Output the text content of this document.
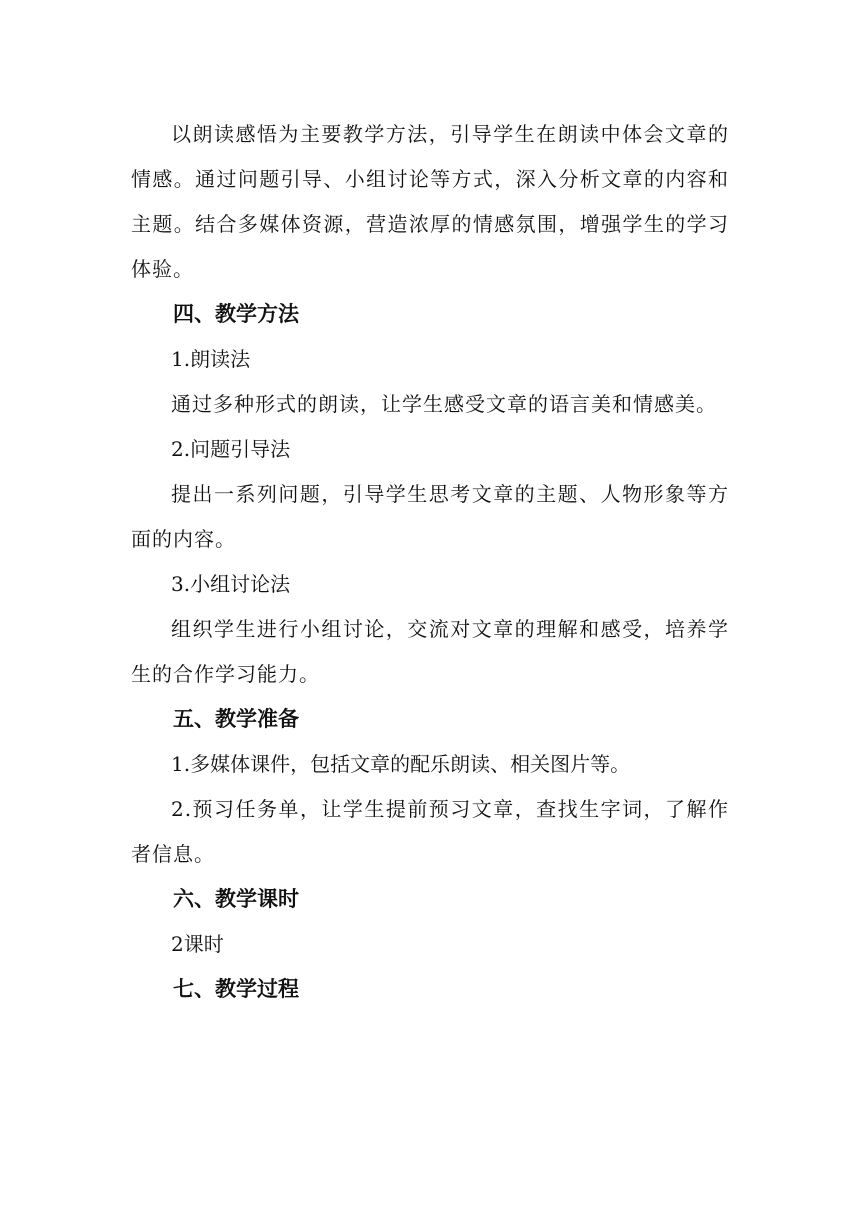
以朗读感悟为主要教学方法，引导学生在朗读中体会文章的情感。通过问题引导、小组讨论等方式，深入分析文章的内容和主题。结合多媒体资源，营造浓厚的情感氛围，增强学生的学习体验。

四、教学方法

1.朗读法

通过多种形式的朗读，让学生感受文章的语言美和情感美。

2.问题引导法

提出一系列问题，引导学生思考文章的主题、人物形象等方面的内容。

3.小组讨论法

组织学生进行小组讨论，交流对文章的理解和感受，培养学生的合作学习能力。

五、教学准备

1.多媒体课件，包括文章的配乐朗读、相关图片等。

2.预习任务单，让学生提前预习文章，查找生字词，了解作者信息。

六、教学课时

2课时

七、教学过程
